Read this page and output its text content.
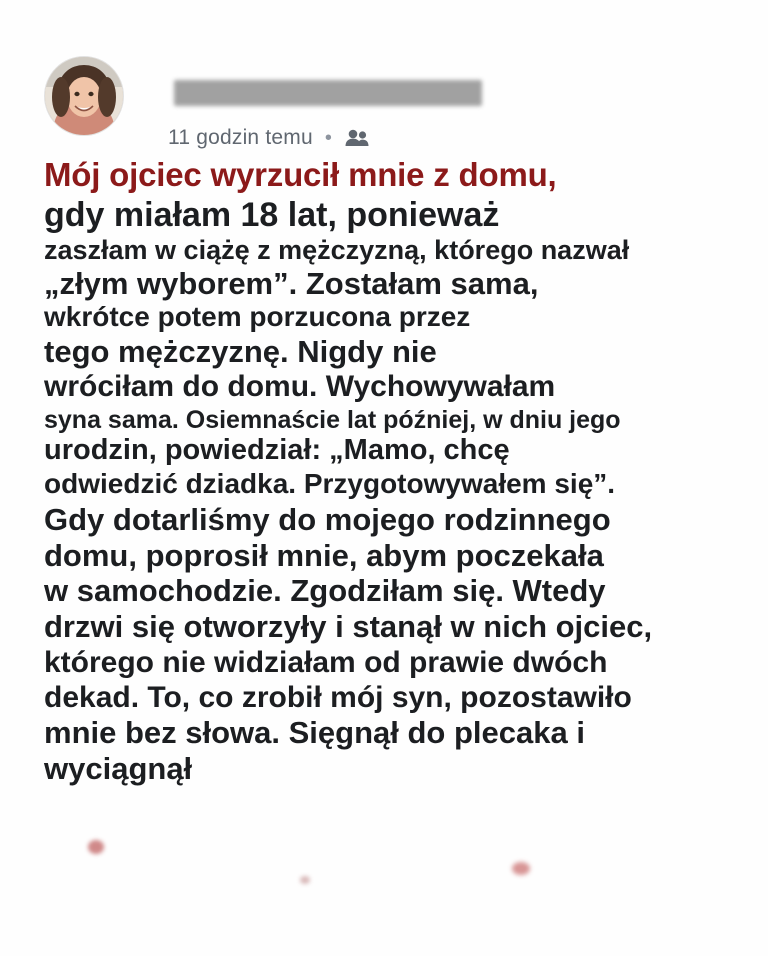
11 godzin temu •

Mój ojciec wyrzucił mnie z domu,
gdy miałam 18 lat, ponieważ
zaszłam w ciążę z mężczyzną, którego nazwał
„złym wyborem”. Zostałam sama,
wkrótce potem porzucona przez
tego mężczyznę. Nigdy nie
wróciłam do domu. Wychowywałam
syna sama. Osiemnaście lat później, w dniu jego
urodzin, powiedział: „Mamo, chcę
odwiedzić dziadka. Przygotowywałem się”.
Gdy dotarliśmy do mojego rodzinnego
domu, poprosił mnie, abym poczekała
w samochodzie. Zgodziłam się. Wtedy
drzwi się otworzyły i stanął w nich ojciec,
którego nie widziałam od prawie dwóch
dekad. To, co zrobił mój syn, pozostawiło
mnie bez słowa. Sięgnął do plecaka i
wyciągnął
